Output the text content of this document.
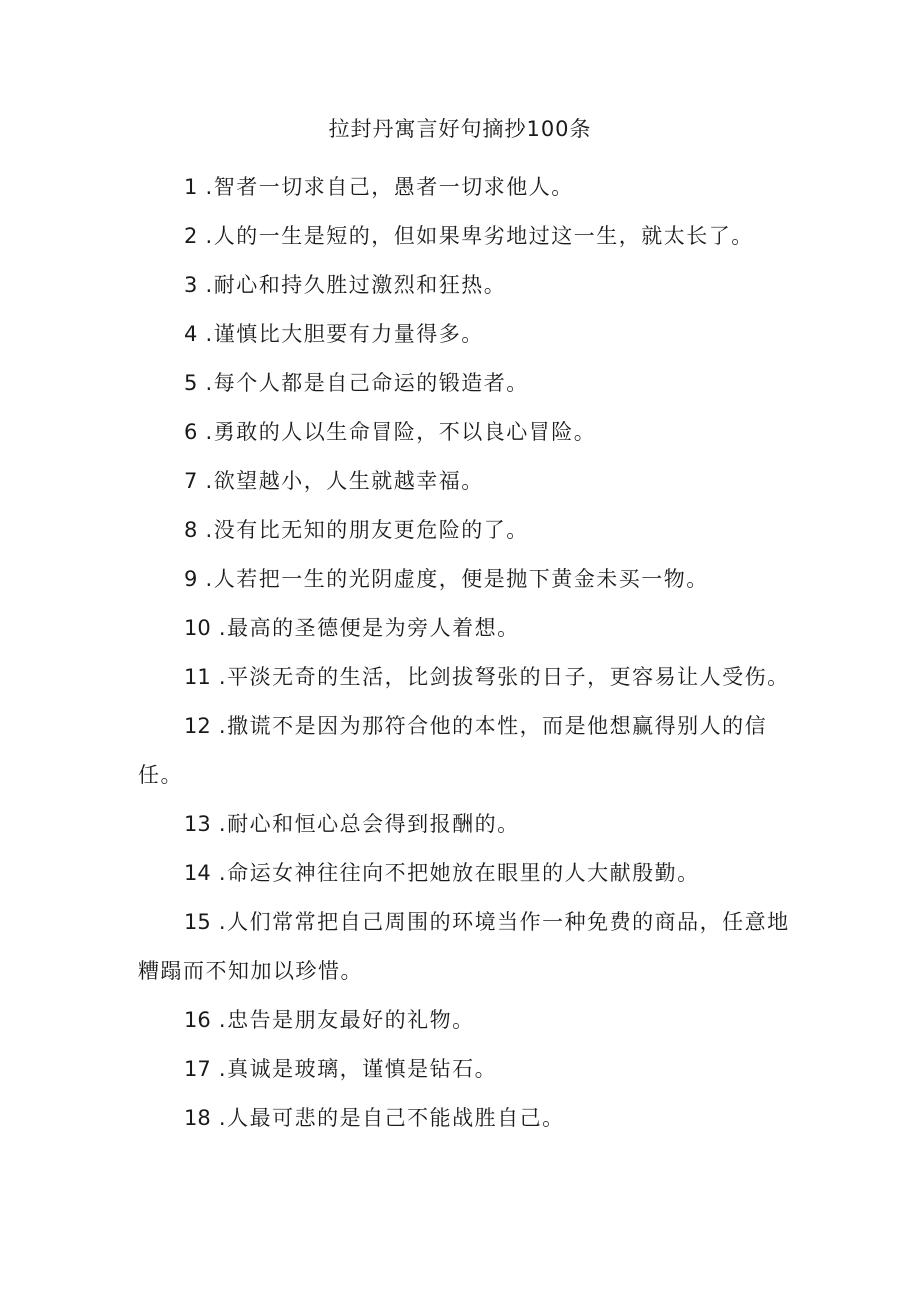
拉封丹寓言好句摘抄100条

1 .智者一切求自己，愚者一切求他人。

2 .人的一生是短的，但如果卑劣地过这一生，就太长了。

3 .耐心和持久胜过激烈和狂热。

4 .谨慎比大胆要有力量得多。

5 .每个人都是自己命运的锻造者。

6 .勇敢的人以生命冒险，不以良心冒险。

7 .欲望越小，人生就越幸福。

8 .没有比无知的朋友更危险的了。

9 .人若把一生的光阴虚度，便是抛下黄金未买一物。

10 .最高的圣德便是为旁人着想。

11 .平淡无奇的生活，比剑拔弩张的日子，更容易让人受伤。

12 .撒谎不是因为那符合他的本性，而是他想赢得别人的信任。

13 .耐心和恒心总会得到报酬的。

14 .命运女神往往向不把她放在眼里的人大献殷勤。

15 .人们常常把自己周围的环境当作一种免费的商品，任意地糟蹋而不知加以珍惜。

16 .忠告是朋友最好的礼物。

17 .真诚是玻璃，谨慎是钻石。

18 .人最可悲的是自己不能战胜自己。
